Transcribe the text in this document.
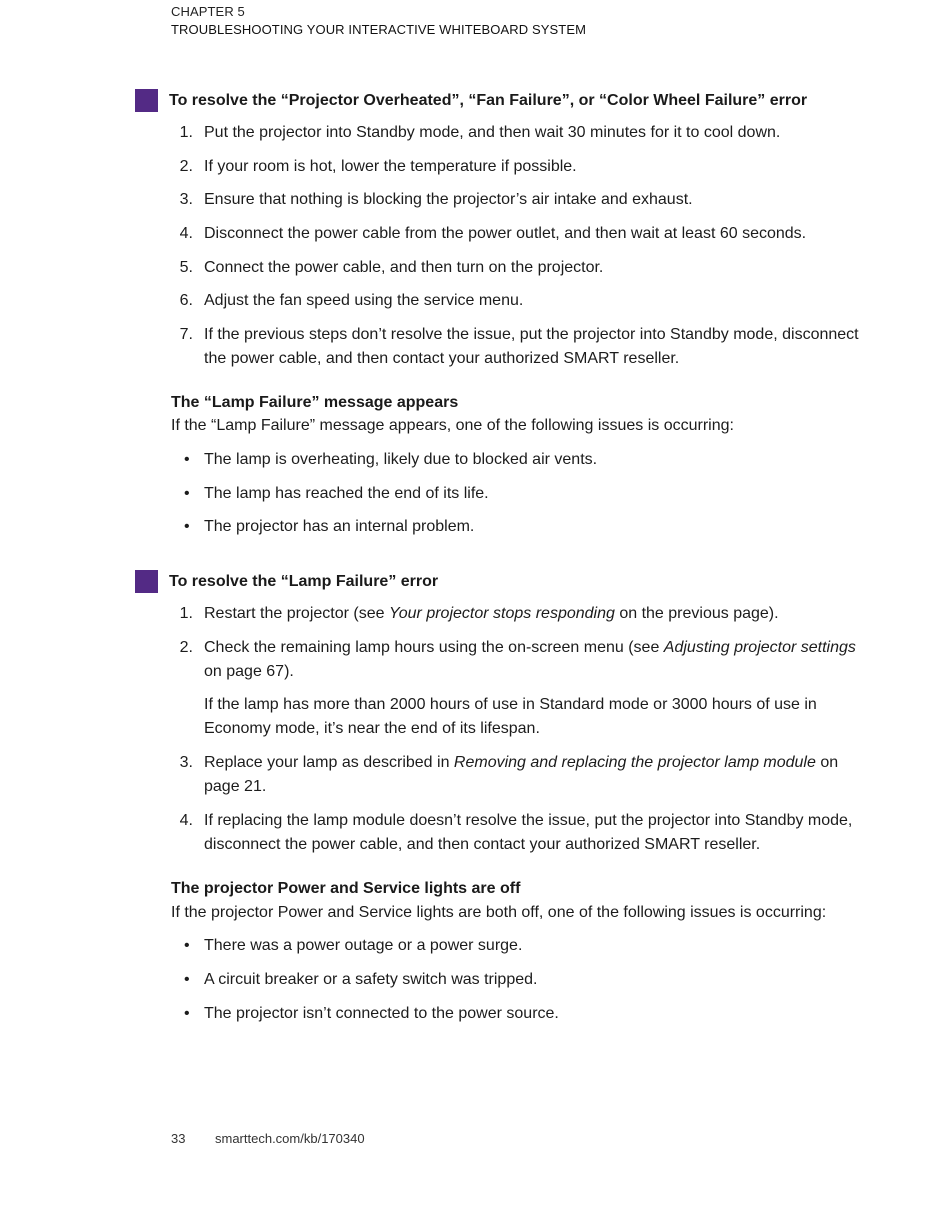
CHAPTER 5
TROUBLESHOOTING YOUR INTERACTIVE WHITEBOARD SYSTEM
To resolve the “Projector Overheated”, “Fan Failure”, or “Color Wheel Failure” error
1. Put the projector into Standby mode, and then wait 30 minutes for it to cool down.
2. If your room is hot, lower the temperature if possible.
3. Ensure that nothing is blocking the projector’s air intake and exhaust.
4. Disconnect the power cable from the power outlet, and then wait at least 60 seconds.
5. Connect the power cable, and then turn on the projector.
6. Adjust the fan speed using the service menu.
7. If the previous steps don’t resolve the issue, put the projector into Standby mode, disconnect the power cable, and then contact your authorized SMART reseller.
The “Lamp Failure” message appears
If the “Lamp Failure” message appears, one of the following issues is occurring:
• The lamp is overheating, likely due to blocked air vents.
• The lamp has reached the end of its life.
• The projector has an internal problem.
To resolve the “Lamp Failure” error
1. Restart the projector (see Your projector stops responding on the previous page).
2. Check the remaining lamp hours using the on-screen menu (see Adjusting projector settings on page 67).
If the lamp has more than 2000 hours of use in Standard mode or 3000 hours of use in Economy mode, it’s near the end of its lifespan.
3. Replace your lamp as described in Removing and replacing the projector lamp module on page 21.
4. If replacing the lamp module doesn’t resolve the issue, put the projector into Standby mode, disconnect the power cable, and then contact your authorized SMART reseller.
The projector Power and Service lights are off
If the projector Power and Service lights are both off, one of the following issues is occurring:
• There was a power outage or a power surge.
• A circuit breaker or a safety switch was tripped.
• The projector isn’t connected to the power source.
33 smarttech.com/kb/170340
